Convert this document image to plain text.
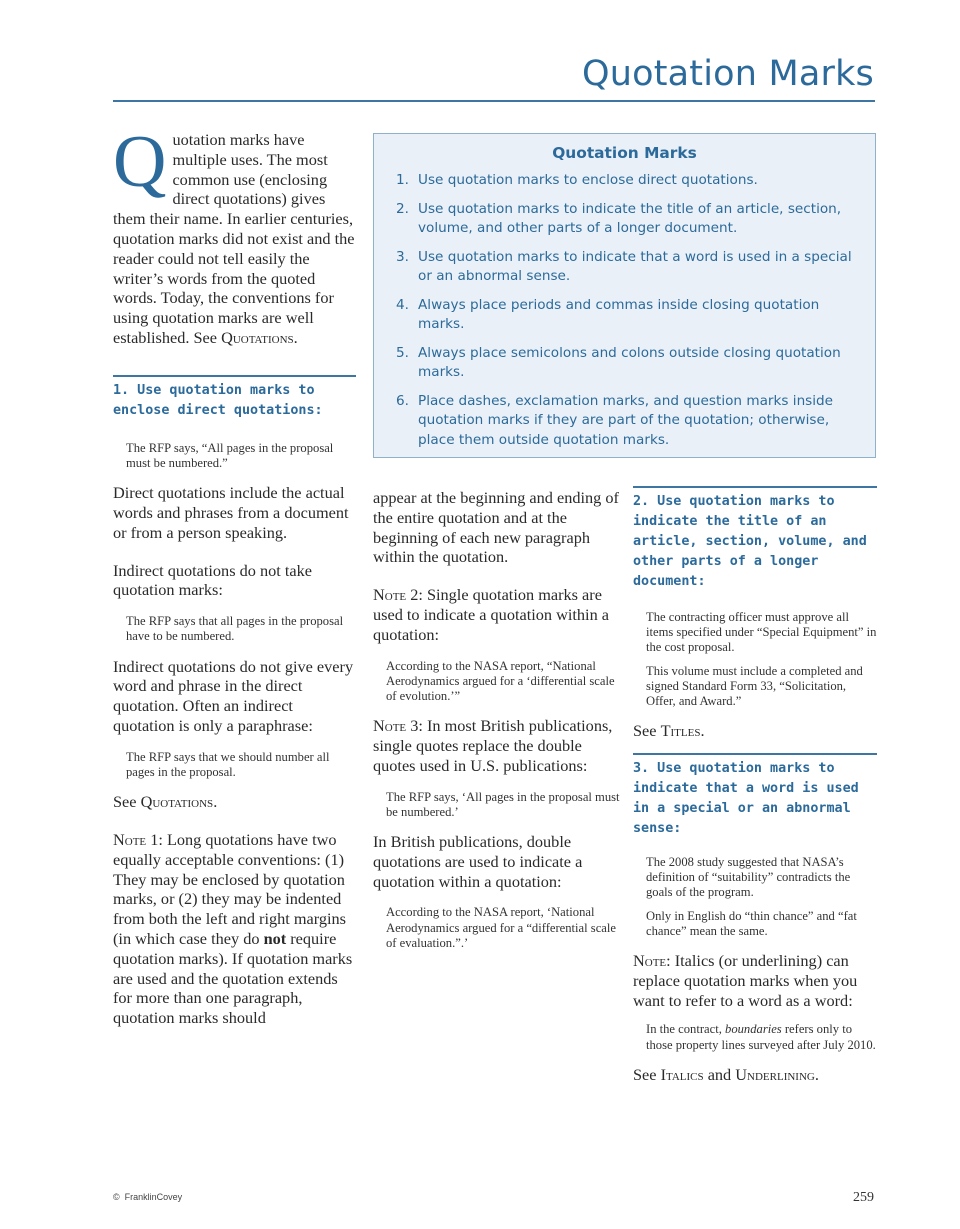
Quotation Marks

Quotation marks have multiple uses. The most common use (enclosing direct quotations) gives them their name. In earlier centuries, quotation marks did not exist and the reader could not tell easily the writer’s words from the quoted words. Today, the conventions for using quotation marks are well established. See Quotations.

1. Use quotation marks to enclose direct quotations:

The RFP says, “All pages in the proposal must be numbered.”

Direct quotations include the actual words and phrases from a document or from a person speaking.

Indirect quotations do not take quotation marks:

The RFP says that all pages in the proposal have to be numbered.

Indirect quotations do not give every word and phrase in the direct quotation. Often an indirect quotation is only a paraphrase:

The RFP says that we should number all pages in the proposal.

See Quotations.

Note 1: Long quotations have two equally acceptable conventions: (1) They may be enclosed by quotation marks, or (2) they may be indented from both the left and right margins (in which case they do not require quotation marks). If quotation marks are used and the quotation extends for more than one paragraph, quotation marks should

Quotation Marks
1. Use quotation marks to enclose direct quotations.
2. Use quotation marks to indicate the title of an article, section, volume, and other parts of a longer document.
3. Use quotation marks to indicate that a word is used in a special or an abnormal sense.
4. Always place periods and commas inside closing quotation marks.
5. Always place semicolons and colons outside closing quotation marks.
6. Place dashes, exclamation marks, and question marks inside quotation marks if they are part of the quotation; otherwise, place them outside quotation marks.

appear at the beginning and ending of the entire quotation and at the beginning of each new paragraph within the quotation.

Note 2: Single quotation marks are used to indicate a quotation within a quotation:

According to the NASA report, “National Aerodynamics argued for a ‘differential scale of evolution.’”

Note 3: In most British publications, single quotes replace the double quotes used in U.S. publications:

The RFP says, ‘All pages in the proposal must be numbered.’

In British publications, double quotations are used to indicate a quotation within a quotation:

According to the NASA report, ‘National Aerodynamics argued for a “differential scale of evaluation.”.’

2. Use quotation marks to indicate the title of an article, section, volume, and other parts of a longer document:

The contracting officer must approve all items specified under “Special Equipment” in the cost proposal.

This volume must include a completed and signed Standard Form 33, “Solicitation, Offer, and Award.”

See Titles.

3. Use quotation marks to indicate that a word is used in a special or an abnormal sense:

The 2008 study suggested that NASA’s definition of “suitability” contradicts the goals of the program.

Only in English do “thin chance” and “fat chance” mean the same.

Note: Italics (or underlining) can replace quotation marks when you want to refer to a word as a word:

In the contract, boundaries refers only to those property lines surveyed after July 2010.

See Italics and Underlining.

© FranklinCovey	259
